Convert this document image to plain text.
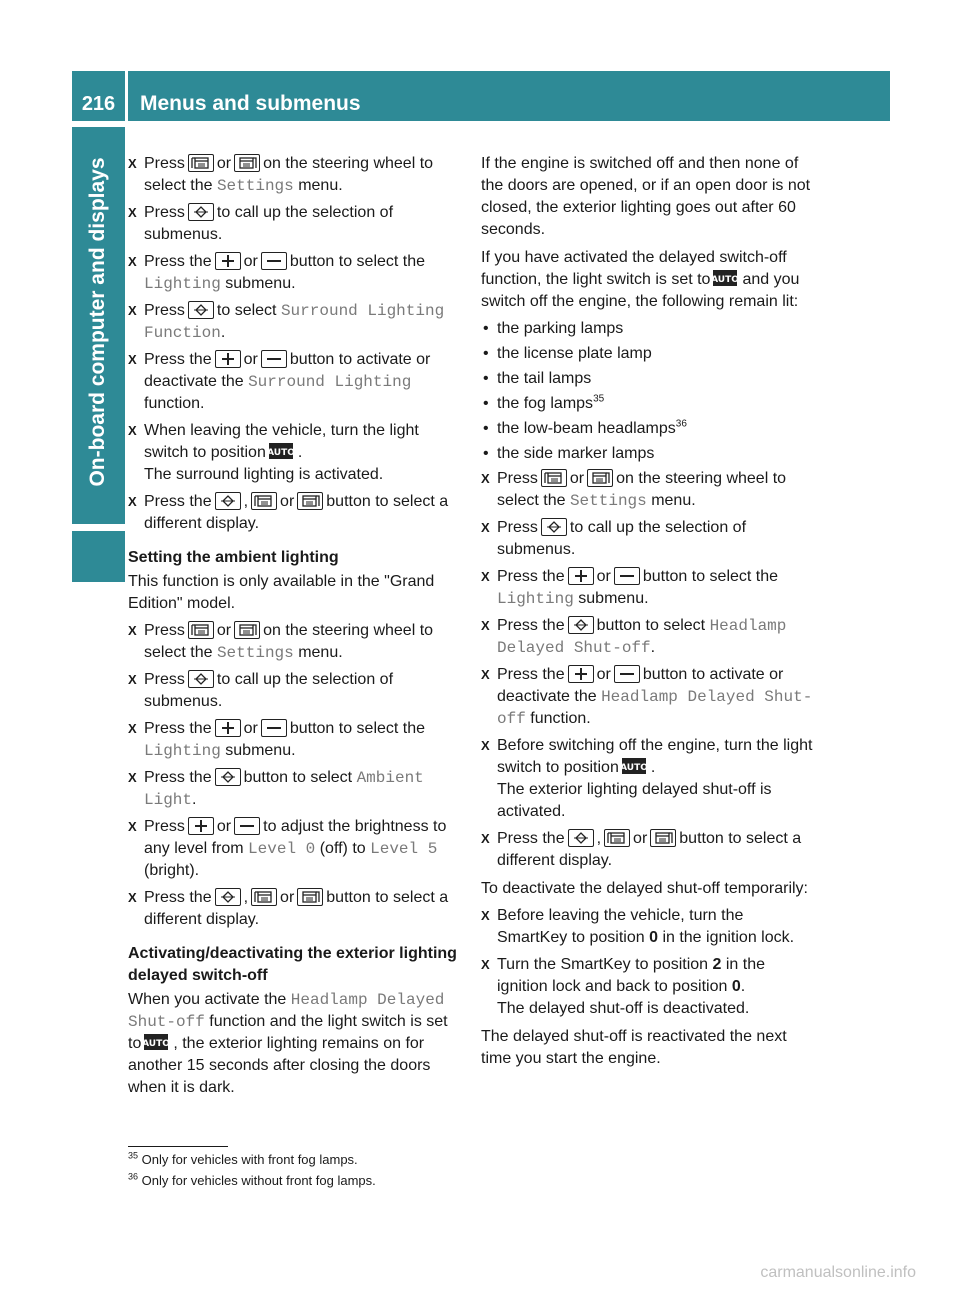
216	Menus and submenus
On-board computer and displays
X	Press or on the steering wheel to select the Settings menu.
X Press to call up the selection of submenus.
X Press the or button to select the Lighting submenu.
X Press to select Surround Lighting Function.
X Press the or button to activate or deactivate the Surround Lighting function.
X When leaving the vehicle, turn the light switch to position AUTO .
The surround lighting is activated.
X Press the , or button to select a different display.
Setting the ambient lighting

This function is only available in the "Grand Edition" model.

X Press or on the steering wheel to select the Settings menu.
X Press to call up the selection of submenus.
X Press the or button to select the Lighting submenu.
X Press the button to select Ambient Light.
X Press or to adjust the brightness to any level from Level 0 (off) to Level 5 (bright).
X Press the , or button to select a different display.
Activating/deactivating the exterior lighting delayed switch-off

When you activate the Headlamp Delayed Shut-off function and the light switch is set to AUTO , the exterior lighting remains on for another 15 seconds after closing the doors when it is dark.

If the engine is switched off and then none of the doors are opened, or if an open door is not closed, the exterior lighting goes out after 60 seconds.

If you have activated the delayed switch-off function, the light switch is set to AUTO and you switch off the engine, the following remain lit:

• the parking lamps
• the license plate lamp
• the tail lamps
• the fog lamps$^{35}$
• the low-beam headlamps$^{36}$
• the side marker lamps
X Press or on the steering wheel to select the Settings menu.
X Press to call up the selection of submenus.
X Press the or button to select the Lighting submenu.
X Press the button to select Headlamp Delayed Shut-off.
X Press the or button to activate or deactivate the Headlamp Delayed Shut-off function.
X Before switching off the engine, turn the light switch to position AUTO .
The exterior lighting delayed shut-off is activated.
X Press the , or button to select a different display.

To deactivate the delayed shut-off temporarily:

X Before leaving the vehicle, turn the SmartKey to position 0 in the ignition lock.
X Turn the SmartKey to position 2 in the ignition lock and back to position 0.
The delayed shut-off is deactivated.

The delayed shut-off is reactivated the next time you start the engine.

$^{35}$ Only for vehicles with front fog lamps.
$^{36}$ Only for vehicles without front fog lamps.
carmanualsonline.info
